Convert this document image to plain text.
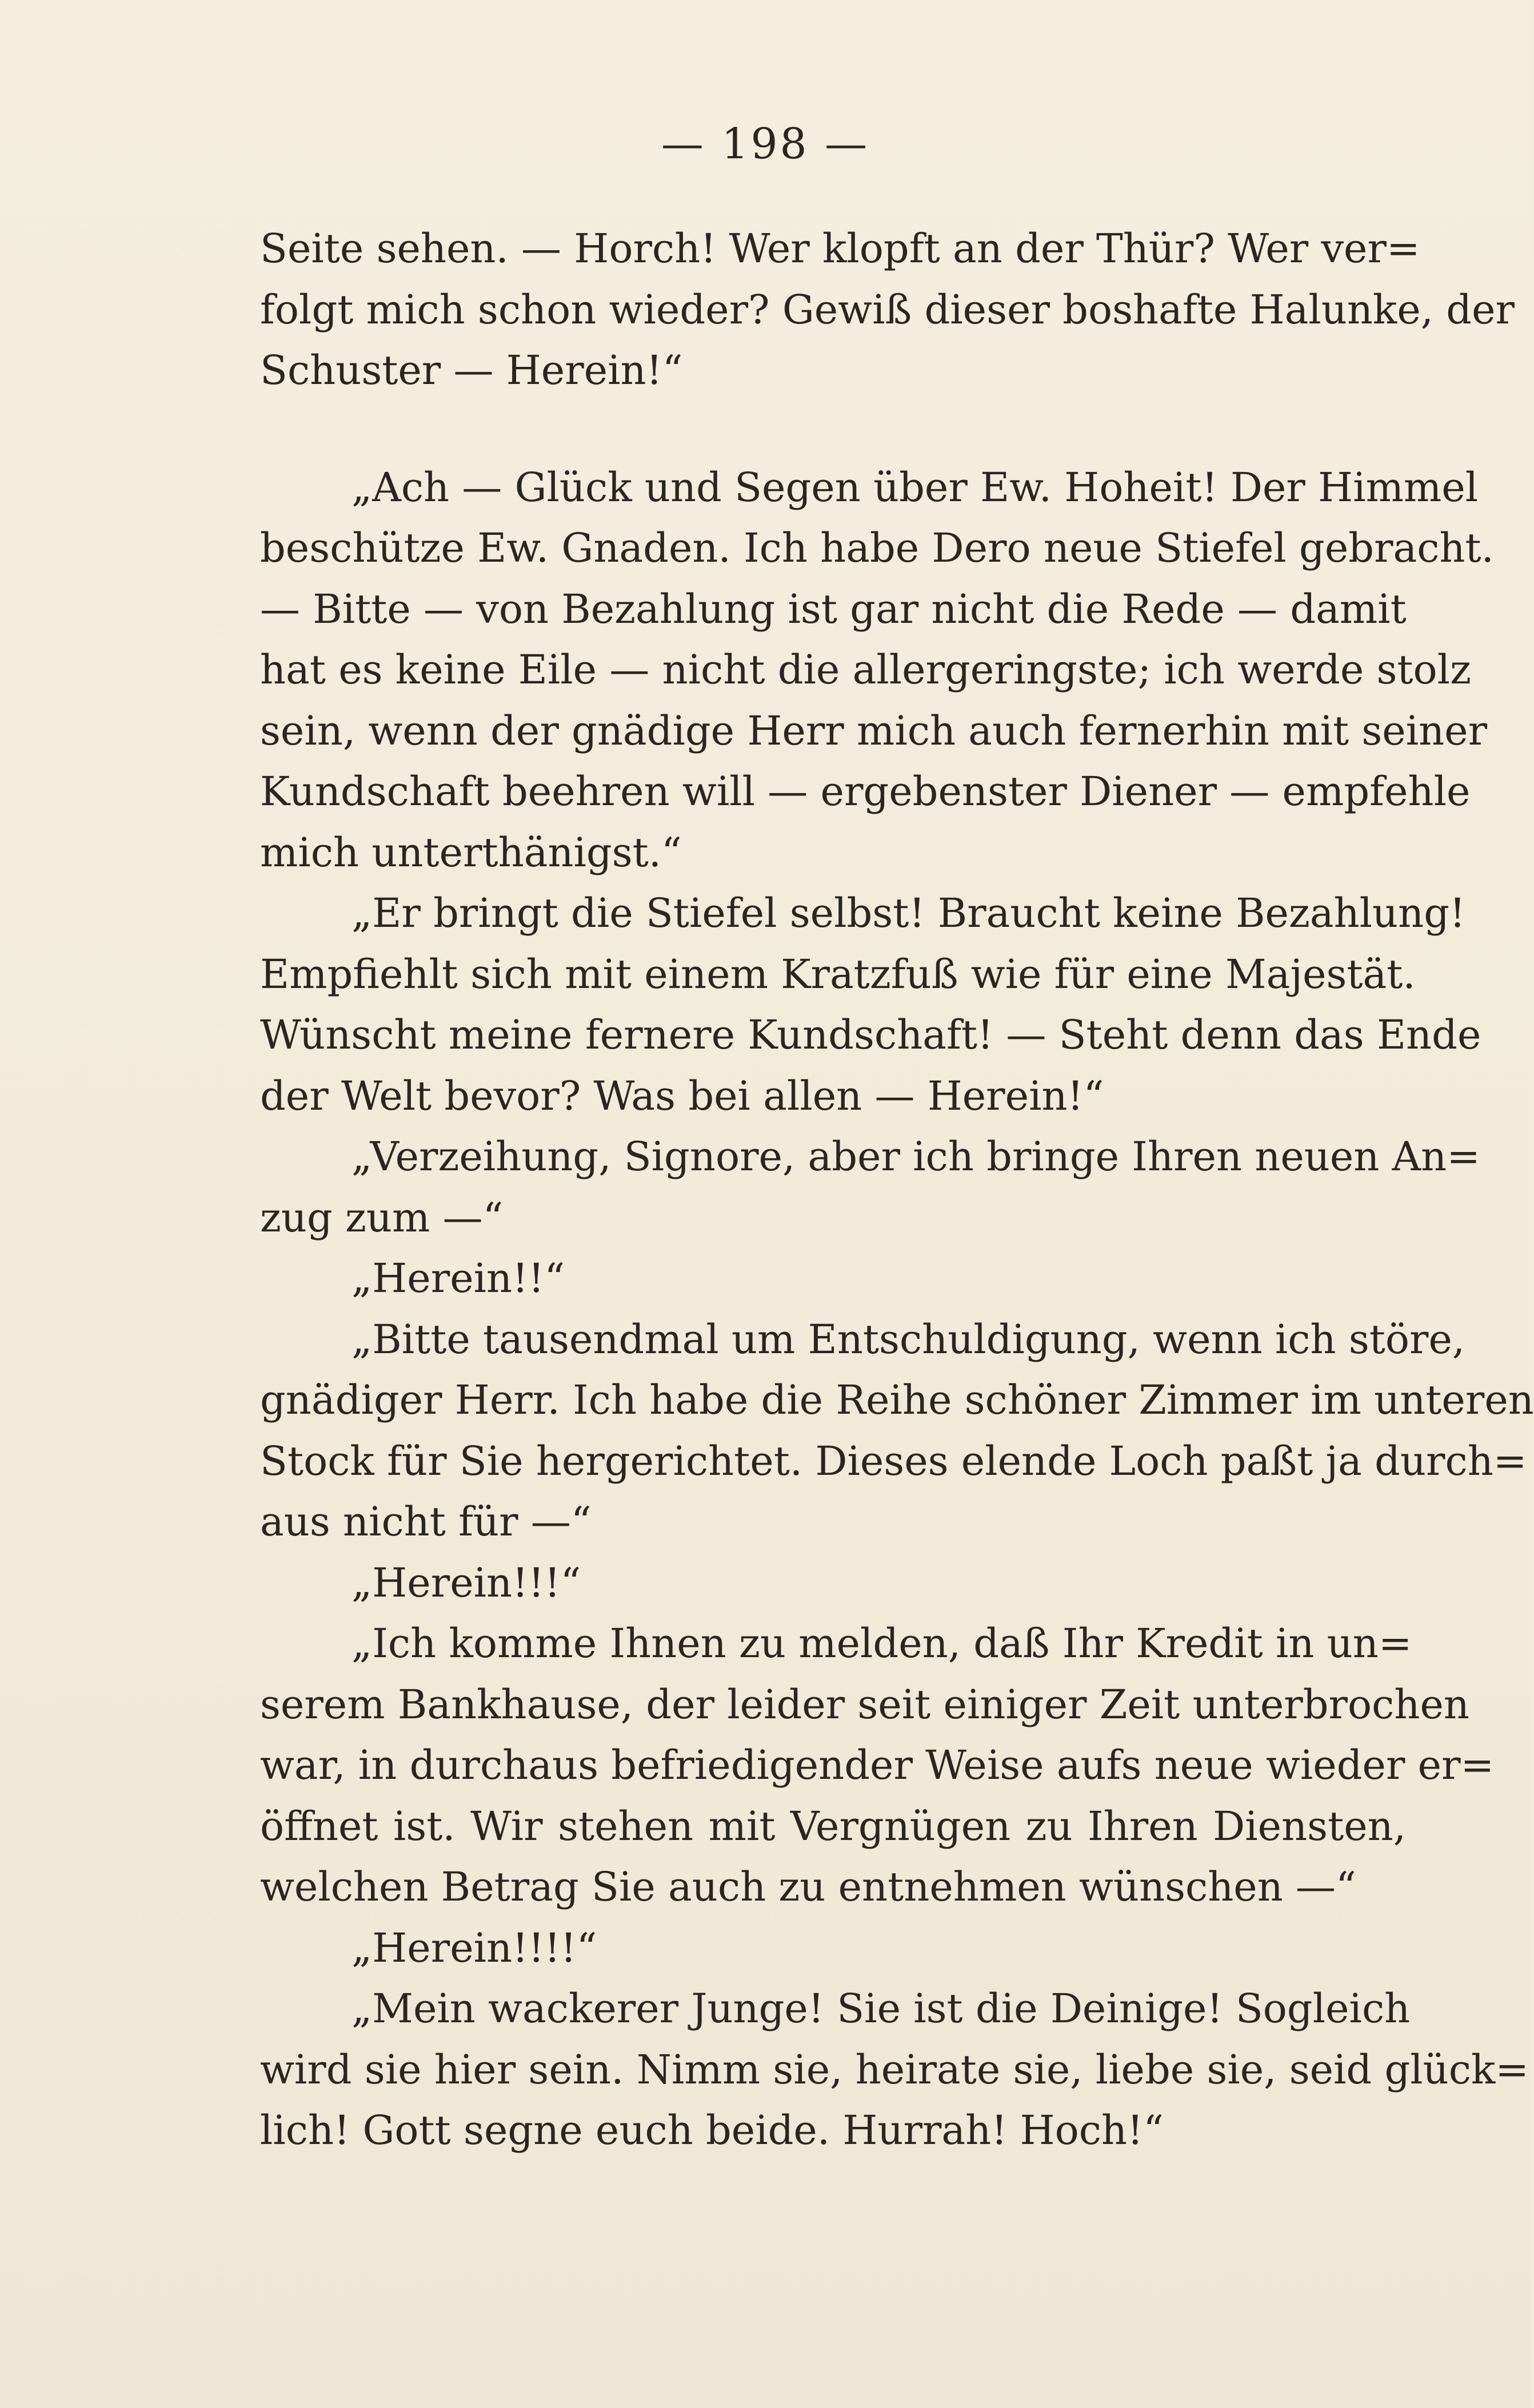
— 198 —
Seite sehen. — Horch! Wer klopft an der Thür? Wer ver=
folgt mich schon wieder? Gewiß dieser boshafte Halunke, der
Schuster — Herein!“
„Ach — Glück und Segen über Ew. Hoheit! Der Himmel
beschütze Ew. Gnaden. Ich habe Dero neue Stiefel gebracht.
— Bitte — von Bezahlung ist gar nicht die Rede — damit
hat es keine Eile — nicht die allergeringste; ich werde stolz
sein, wenn der gnädige Herr mich auch fernerhin mit seiner
Kundschaft beehren will — ergebenster Diener — empfehle
mich unterthänigst.“
„Er bringt die Stiefel selbst! Braucht keine Bezahlung!
Empfiehlt sich mit einem Kratzfuß wie für eine Majestät.
Wünscht meine fernere Kundschaft! — Steht denn das Ende
der Welt bevor? Was bei allen — Herein!“
„Verzeihung, Signore, aber ich bringe Ihren neuen An=
zug zum —“
„Herein!!“
„Bitte tausendmal um Entschuldigung, wenn ich störe,
gnädiger Herr. Ich habe die Reihe schöner Zimmer im unteren
Stock für Sie hergerichtet. Dieses elende Loch paßt ja durch=
aus nicht für —“
„Herein!!!“
„Ich komme Ihnen zu melden, daß Ihr Kredit in un=
serem Bankhause, der leider seit einiger Zeit unterbrochen
war, in durchaus befriedigender Weise aufs neue wieder er=
öffnet ist. Wir stehen mit Vergnügen zu Ihren Diensten,
welchen Betrag Sie auch zu entnehmen wünschen —“
„Herein!!!!“
„Mein wackerer Junge! Sie ist die Deinige! Sogleich
wird sie hier sein. Nimm sie, heirate sie, liebe sie, seid glück=
lich! Gott segne euch beide. Hurrah! Hoch!“
